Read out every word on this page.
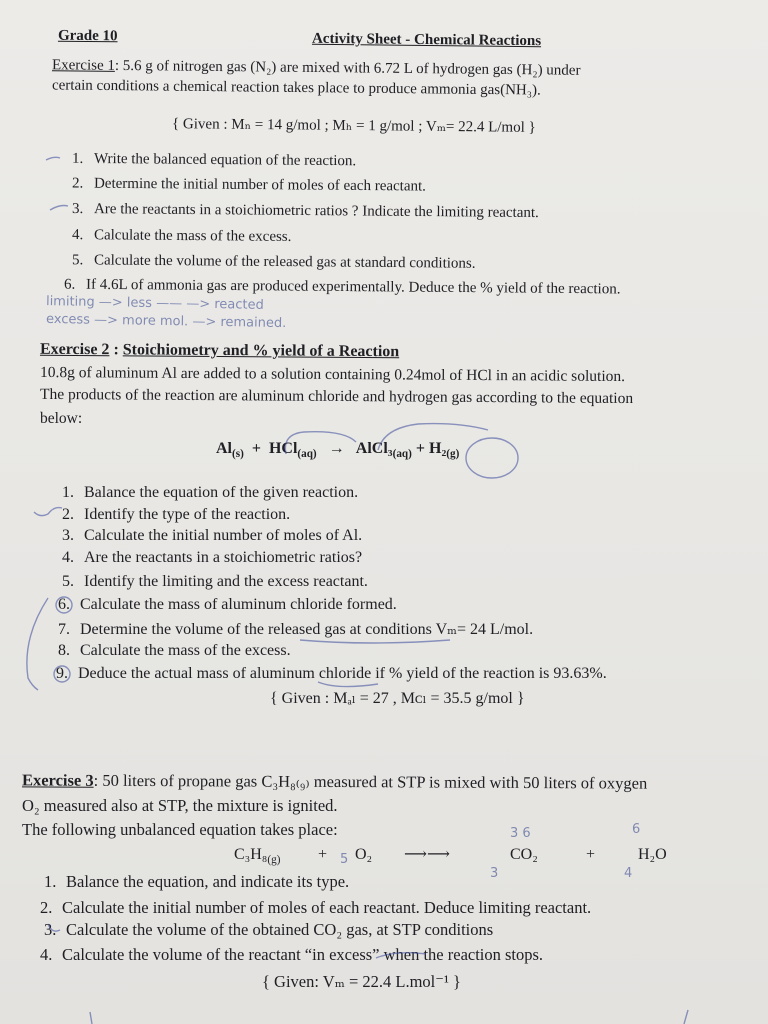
Grade 10	Activity Sheet - Chemical Reactions
Exercise 1: 5.6 g of nitrogen gas (N₂) are mixed with 6.72 L of hydrogen gas (H₂) under
certain conditions a chemical reaction takes place to produce ammonia gas(NH₃).
{ Given : Mₙ = 14 g/mol ; Mₕ = 1 g/mol ; Vₘ= 22.4 L/mol }
1. Write the balanced equation of the reaction.
2. Determine the initial number of moles of each reactant.
3. Are the reactants in a stoichiometric ratios ? Indicate the limiting reactant.
4. Calculate the mass of the excess.
5. Calculate the volume of the released gas at standard conditions.
6. If 4.6L of ammonia gas are produced experimentally. Deduce the % yield of the reaction.
limiting —> less —— —> reacted
excess —> more mol. —> remained.
Exercise 2 : Stoichiometry and % yield of a Reaction
10.8g of aluminum Al are added to a solution containing 0.24mol of HCl in an acidic solution.
The products of the reaction are aluminum chloride and hydrogen gas according to the equation
below:
$Al_{(s)} + HCl_{(aq)}$ → $AlCl_3_{(aq)} + H_2_{(g)}$
1. Balance the equation of the given reaction.
2. Identify the type of the reaction.
3. Calculate the initial number of moles of Al.
4. Are the reactants in a stoichiometric ratios?
5. Identify the limiting and the excess reactant.
6. Calculate the mass of aluminum chloride formed.
7. Determine the volume of the released gas at conditions Vₘ= 24 L/mol.
8. Calculate the mass of the excess.
9. Deduce the actual mass of aluminum chloride if % yield of the reaction is 93.63%.
{ Given : Mₐₗ = 27 , Mᴄₗ = 35.5 g/mol }
Exercise 3: 50 liters of propane gas C₃H₈₍₉₎ measured at STP is mixed with 50 liters of oxygen
O₂ measured also at STP, the mixture is ignited.
The following unbalanced equation takes place:
$C_3H_8_{(g)} + O_2$ ⟶⟶	CO₂	+	H₂O
5
3
3 6	6
4
1. Balance the equation, and indicate its type.
2. Calculate the initial number of moles of each reactant. Deduce limiting reactant.
3. Calculate the volume of the obtained CO₂ gas, at STP conditions
4. Calculate the volume of the reactant “in excess” when the reaction stops.
{ Given: Vₘ = 22.4 L.mol⁻¹ }
